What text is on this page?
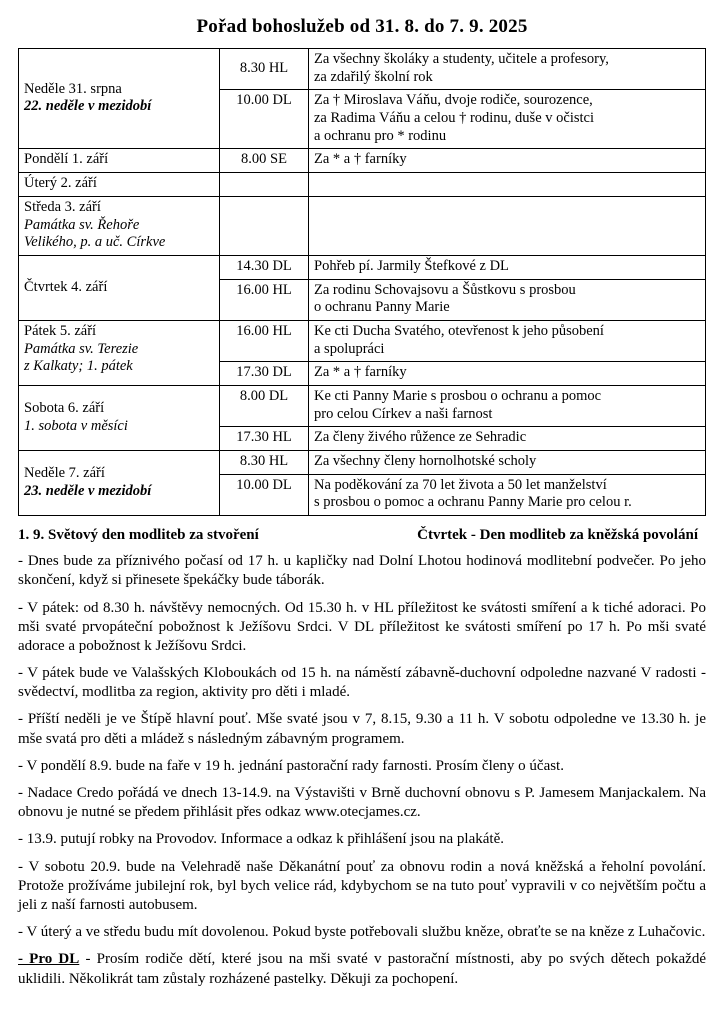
Pořad bohoslužeb od 31. 8. do 7. 9. 2025
Neděle 31. srpna
22. neděle v mezidobí	8.30 HL	Za všechny školáky a studenty, učitele a profesory,
za zdařilý školní rok

	10.00 DL	Za † Miroslava Váňu, dvoje rodiče, sourozence,
za Radima Váňu a celou † rodinu, duše v očistci
a ochranu pro * rodinu

Pondělí 1. září	8.00 SE	Za * a † farníky

Úterý 2. září		

Středa 3. září
Památka sv. Řehoře
Velikého, p. a uč. Církve		

Čtvrtek 4. září	14.30 DL	Pohřeb pí. Jarmily Štefkové z DL

	16.00 HL	Za rodinu Schovajsovu a Šůstkovu s prosbou
o ochranu Panny Marie

Pátek 5. září
Památka sv. Terezie
z Kalkaty; 1. pátek	16.00 HL	Ke cti Ducha Svatého, otevřenost k jeho působení
a spolupráci

	17.30 DL	Za * a † farníky

Sobota 6. září
1. sobota v měsíci	8.00 DL	Ke cti Panny Marie s prosbou o ochranu a pomoc
pro celou Církev a naši farnost

	17.30 HL	Za členy živého růžence ze Sehradic

Neděle 7. září
23. neděle v mezidobí	8.30 HL	Za všechny členy hornolhotské scholy

	10.00 DL	Na poděkování za 70 let života a 50 let manželství
s prosbou o pomoc a ochranu Panny Marie pro celou r.
1. 9. Světový den modliteb za stvoření	Čtvrtek - Den modliteb za kněžská povolání

- Dnes bude za příznivého počasí od 17 h. u kapličky nad Dolní Lhotou hodinová modlitební podvečer. Po jeho skončení, když si přinesete špekáčky bude táborák.

- V pátek: od 8.30 h. návštěvy nemocných. Od 15.30 h. v HL příležitost ke svátosti smíření a k tiché adoraci. Po mši svaté prvopáteční pobožnost k Ježíšovu Srdci. V DL příležitost ke svátosti smíření po 17 h. Po mši svaté adorace a pobožnost k Ježíšovu Srdci.

- V pátek bude ve Valašských Kloboukách od 15 h. na náměstí zábavně-duchovní odpoledne nazvané V radosti - svědectví, modlitba za region, aktivity pro děti i mladé.

- Příští neděli je ve Štípě hlavní pouť. Mše svaté jsou v 7, 8.15, 9.30 a 11 h. V sobotu odpoledne ve 13.30 h. je mše svatá pro děti a mládež s následným zábavným programem.

- V pondělí 8.9. bude na faře v 19 h. jednání pastorační rady farnosti. Prosím členy o účast.

- Nadace Credo pořádá ve dnech 13-14.9. na Výstavišti v Brně duchovní obnovu s P. Jamesem Manjackalem. Na obnovu je nutné se předem přihlásit přes odkaz www.otecjames.cz.

- 13.9. putují robky na Provodov. Informace a odkaz k přihlášení jsou na plakátě.

- V sobotu 20.9. bude na Velehradě naše Děkanátní pouť za obnovu rodin a nová kněžská a řeholní povolání. Protože prožíváme jubilejní rok, byl bych velice rád, kdybychom se na tuto pouť vypravili v co největším počtu a jeli z naší farnosti autobusem.

- V úterý a ve středu budu mít dovolenou. Pokud byste potřebovali službu kněze, obraťte se na kněze z Luhačovic.

- Pro DL - Prosím rodiče dětí, které jsou na mši svaté v pastorační místnosti, aby po svých dětech pokaždé uklidili. Několikrát tam zůstaly rozházené pastelky. Děkuji za pochopení.
